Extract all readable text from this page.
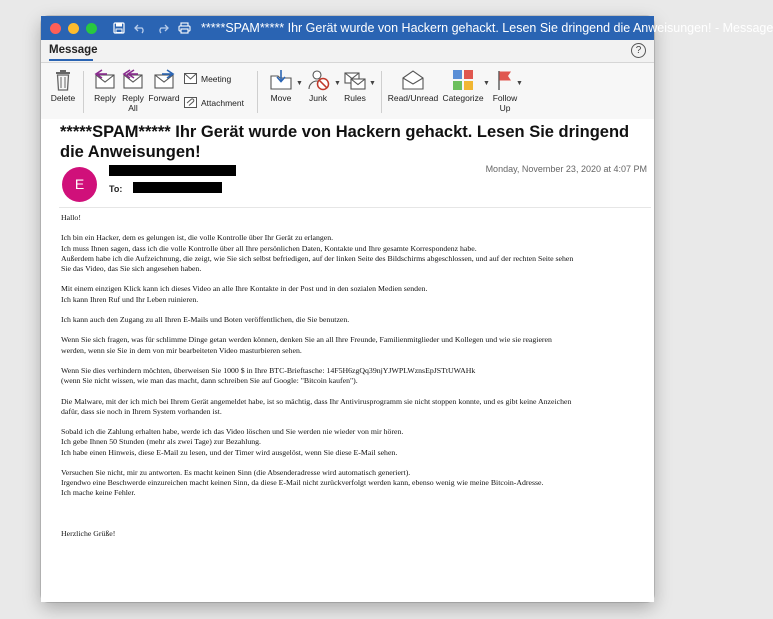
*****SPAM***** Ihr Gerät wurde von Hackern gehackt. Lesen Sie dringend die Anweisungen! - Message
Message	?
Delete	Reply Reply
All
Forward
Meeting
Attachment	Move
▼
Junk
▼
Rules
▼
Read/Unread Categorize
▼
Follow
Up
▼
*****SPAM***** Ihr Gerät wurde von Hackern gehackt. Lesen Sie dringend die Anweisungen!
E	To:
Monday, November 23, 2020 at 4:07 PM
Hallo!
Ich bin ein Hacker, dem es gelungen ist, die volle Kontrolle über Ihr Gerät zu erlangen.
Ich muss Ihnen sagen, dass ich die volle Kontrolle über all Ihre persönlichen Daten, Kontakte und Ihre gesamte Korrespondenz habe.
Außerdem habe ich die Aufzeichnung, die zeigt, wie Sie sich selbst befriedigen, auf der linken Seite des Bildschirms abgeschlossen, und auf der rechten Seite sehen
Sie das Video, das Sie sich angesehen haben.
Mit einem einzigen Klick kann ich dieses Video an alle Ihre Kontakte in der Post und in den sozialen Medien senden.
Ich kann Ihren Ruf und Ihr Leben ruinieren.
Ich kann auch den Zugang zu all Ihren E-Mails und Boten veröffentlichen, die Sie benutzen.
Wenn Sie sich fragen, was für schlimme Dinge getan werden können, denken Sie an all Ihre Freunde, Familienmitglieder und Kollegen und wie sie reagieren
werden, wenn sie Sie in dem von mir bearbeiteten Video masturbieren sehen.
Wenn Sie dies verhindern möchten, überweisen Sie 1000 $ in Ihre BTC-Brieftasche: 14F5H6zgQq39njYJWPLWznsEpJSTtUWAHk
(wenn Sie nicht wissen, wie man das macht, dann schreiben Sie auf Google: "Bitcoin kaufen").
Die Malware, mit der ich mich bei Ihrem Gerät angemeldet habe, ist so mächtig, dass Ihr Antivirusprogramm sie nicht stoppen konnte, und es gibt keine Anzeichen
dafür, dass sie noch in Ihrem System vorhanden ist.
Sobald ich die Zahlung erhalten habe, werde ich das Video löschen und Sie werden nie wieder von mir hören.
Ich gebe Ihnen 50 Stunden (mehr als zwei Tage) zur Bezahlung.
Ich habe einen Hinweis, diese E-Mail zu lesen, und der Timer wird ausgelöst, wenn Sie diese E-Mail sehen.
Versuchen Sie nicht, mir zu antworten. Es macht keinen Sinn (die Absenderadresse wird automatisch generiert).
Irgendwo eine Beschwerde einzureichen macht keinen Sinn, da diese E-Mail nicht zurückverfolgt werden kann, ebenso wenig wie meine Bitcoin-Adresse.
Ich mache keine Fehler.
Herzliche Grüße!
